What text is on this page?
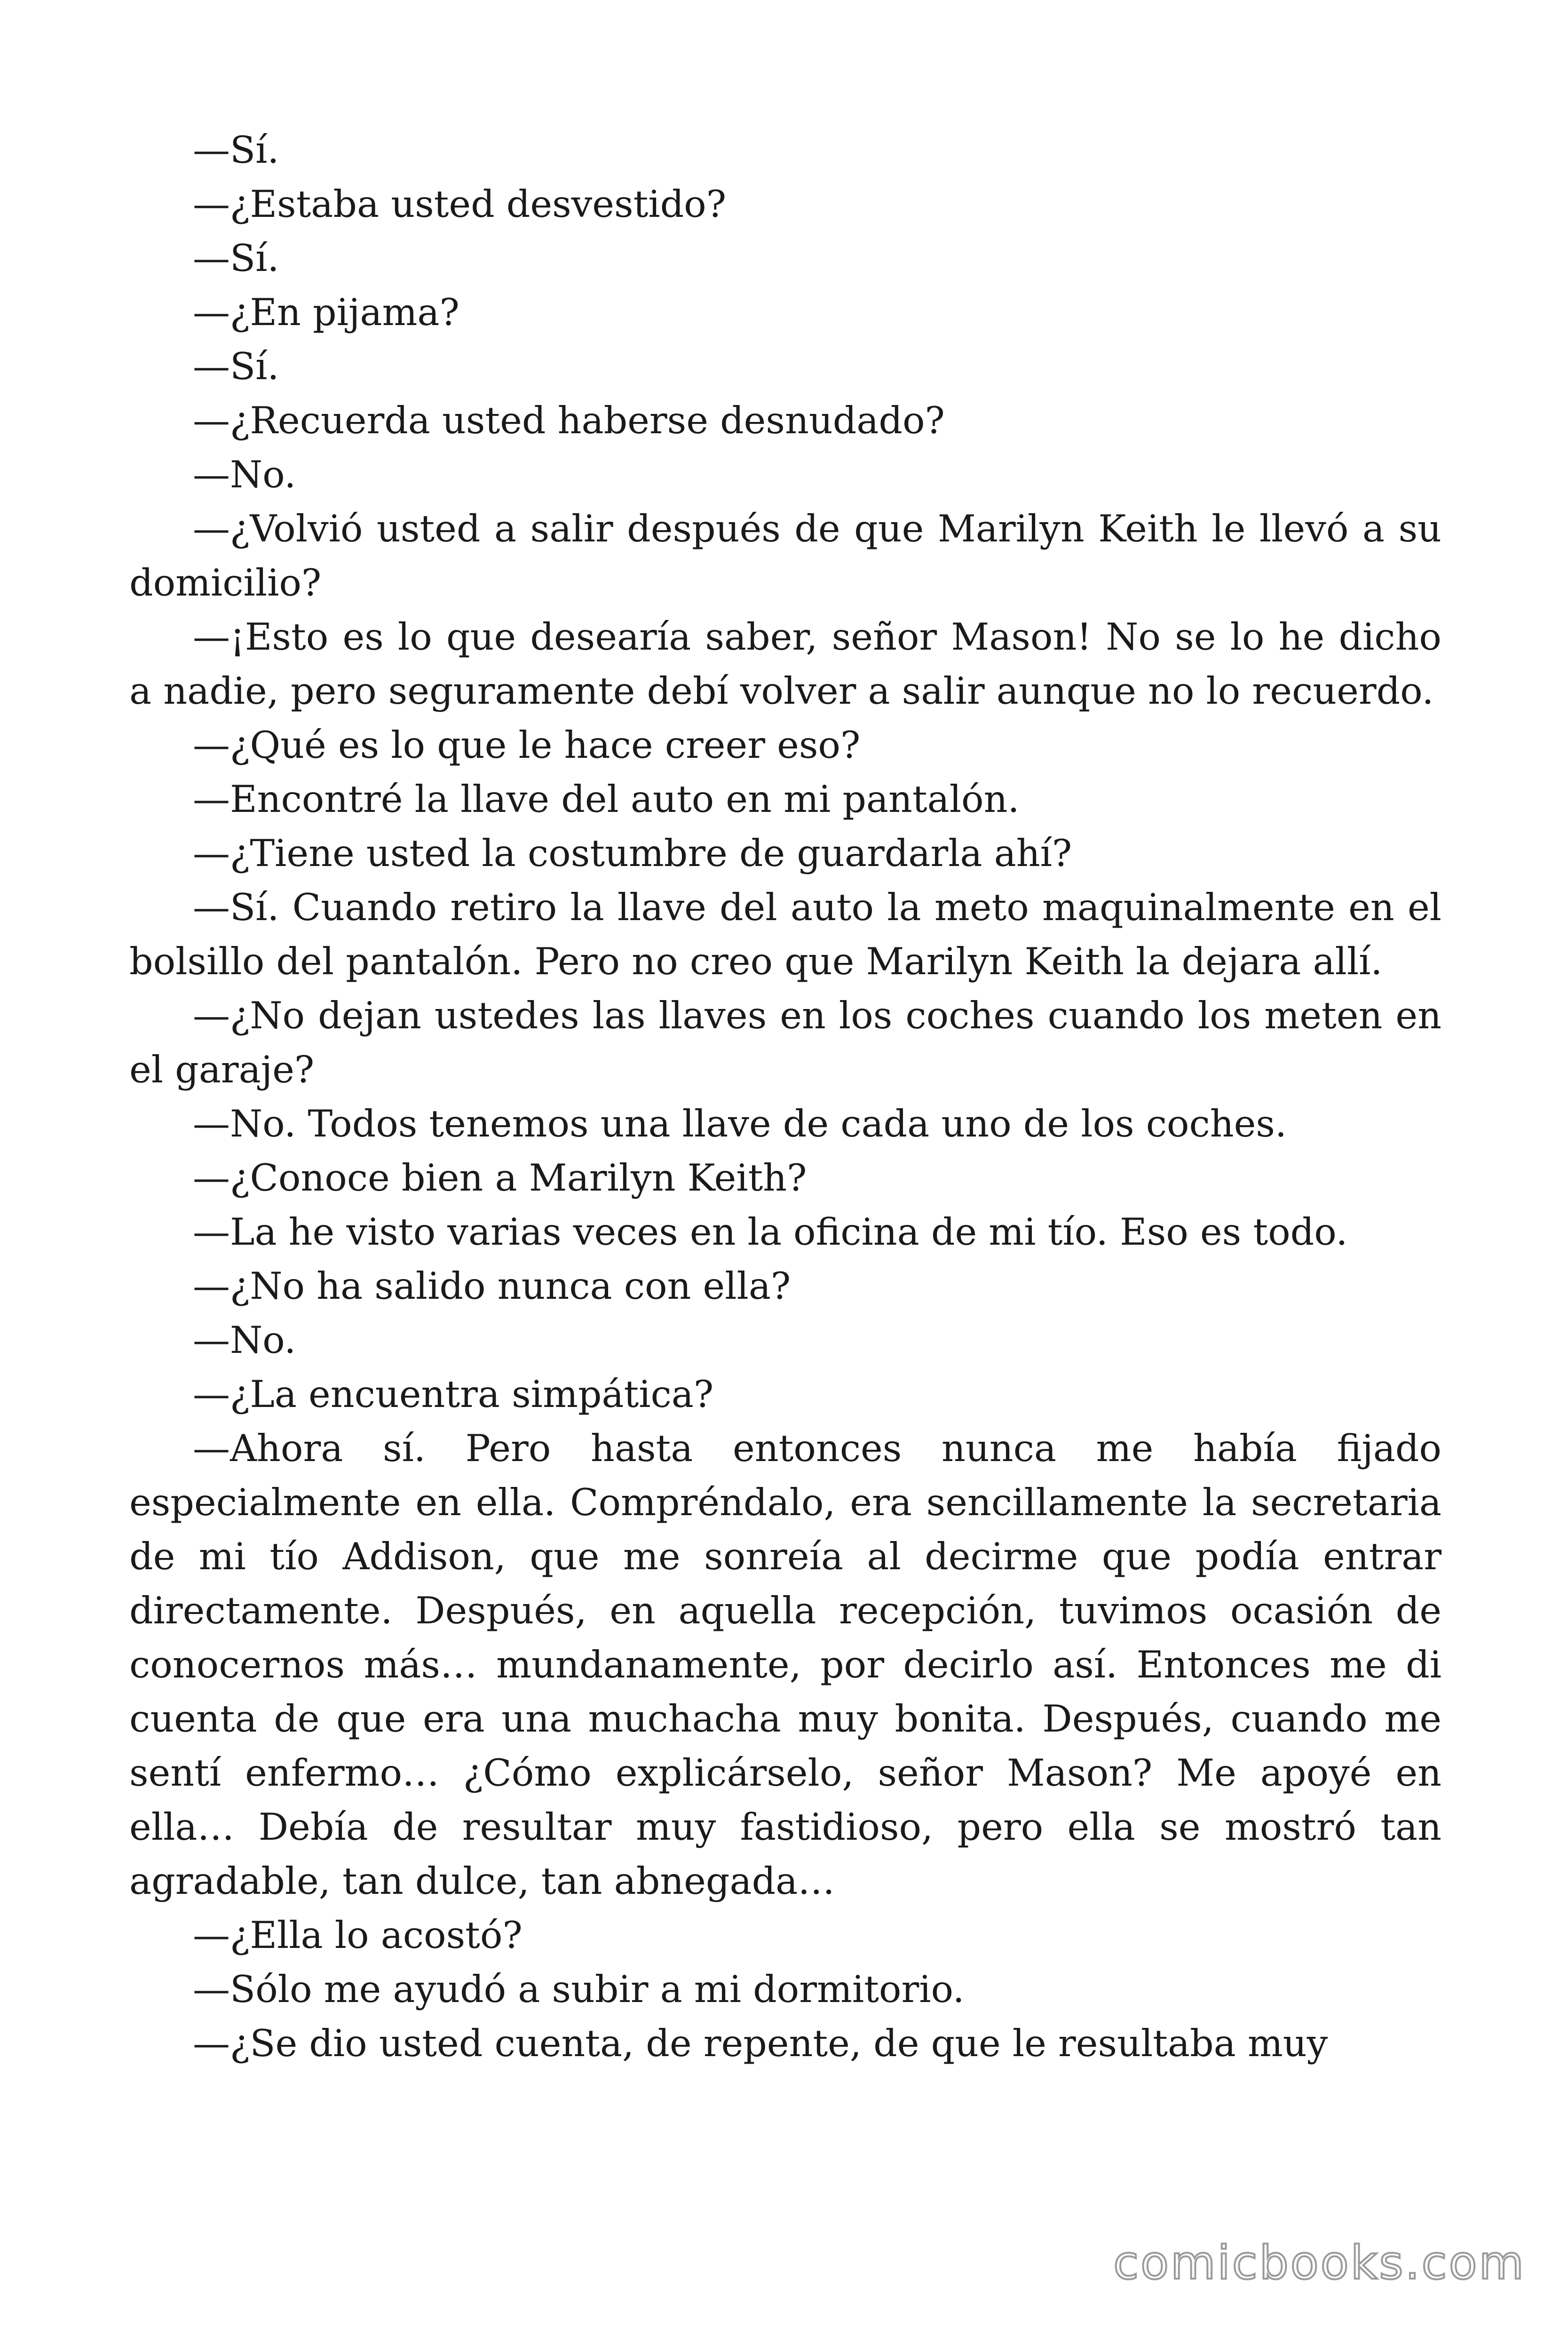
—Sí.

—¿Estaba usted desvestido?

—Sí.

—¿En pijama?

—Sí.

—¿Recuerda usted haberse desnudado?

—No.

—¿Volvió usted a salir después de que Marilyn Keith le llevó a su domicilio?

—¡Esto es lo que desearía saber, señor Mason! No se lo he dicho a nadie, pero seguramente debí volver a salir aunque no lo recuerdo.

—¿Qué es lo que le hace creer eso?

—Encontré la llave del auto en mi pantalón.

—¿Tiene usted la costumbre de guardarla ahí?

—Sí. Cuando retiro la llave del auto la meto maquinalmente en el bolsillo del pantalón. Pero no creo que Marilyn Keith la dejara allí.

—¿No dejan ustedes las llaves en los coches cuando los meten en el garaje?

—No. Todos tenemos una llave de cada uno de los coches.

—¿Conoce bien a Marilyn Keith?

—La he visto varias veces en la oficina de mi tío. Eso es todo.

—¿No ha salido nunca con ella?

—No.

—¿La encuentra simpática?

—Ahora sí. Pero hasta entonces nunca me había fijado especialmente en ella. Compréndalo, era sencillamente la secretaria de mi tío Addison, que me sonreía al decirme que podía entrar directamente. Después, en aquella recepción, tuvimos ocasión de conocernos más… mundanamente, por decirlo así. Entonces me di cuenta de que era una muchacha muy bonita. Después, cuando me sentí enfermo… ¿Cómo explicárselo, señor Mason? Me apoyé en ella… Debía de resultar muy fastidioso, pero ella se mostró tan agradable, tan dulce, tan abnegada…

—¿Ella lo acostó?

—Sólo me ayudó a subir a mi dormitorio.

—¿Se dio usted cuenta, de repente, de que le resultaba muy

comicbooks.com
